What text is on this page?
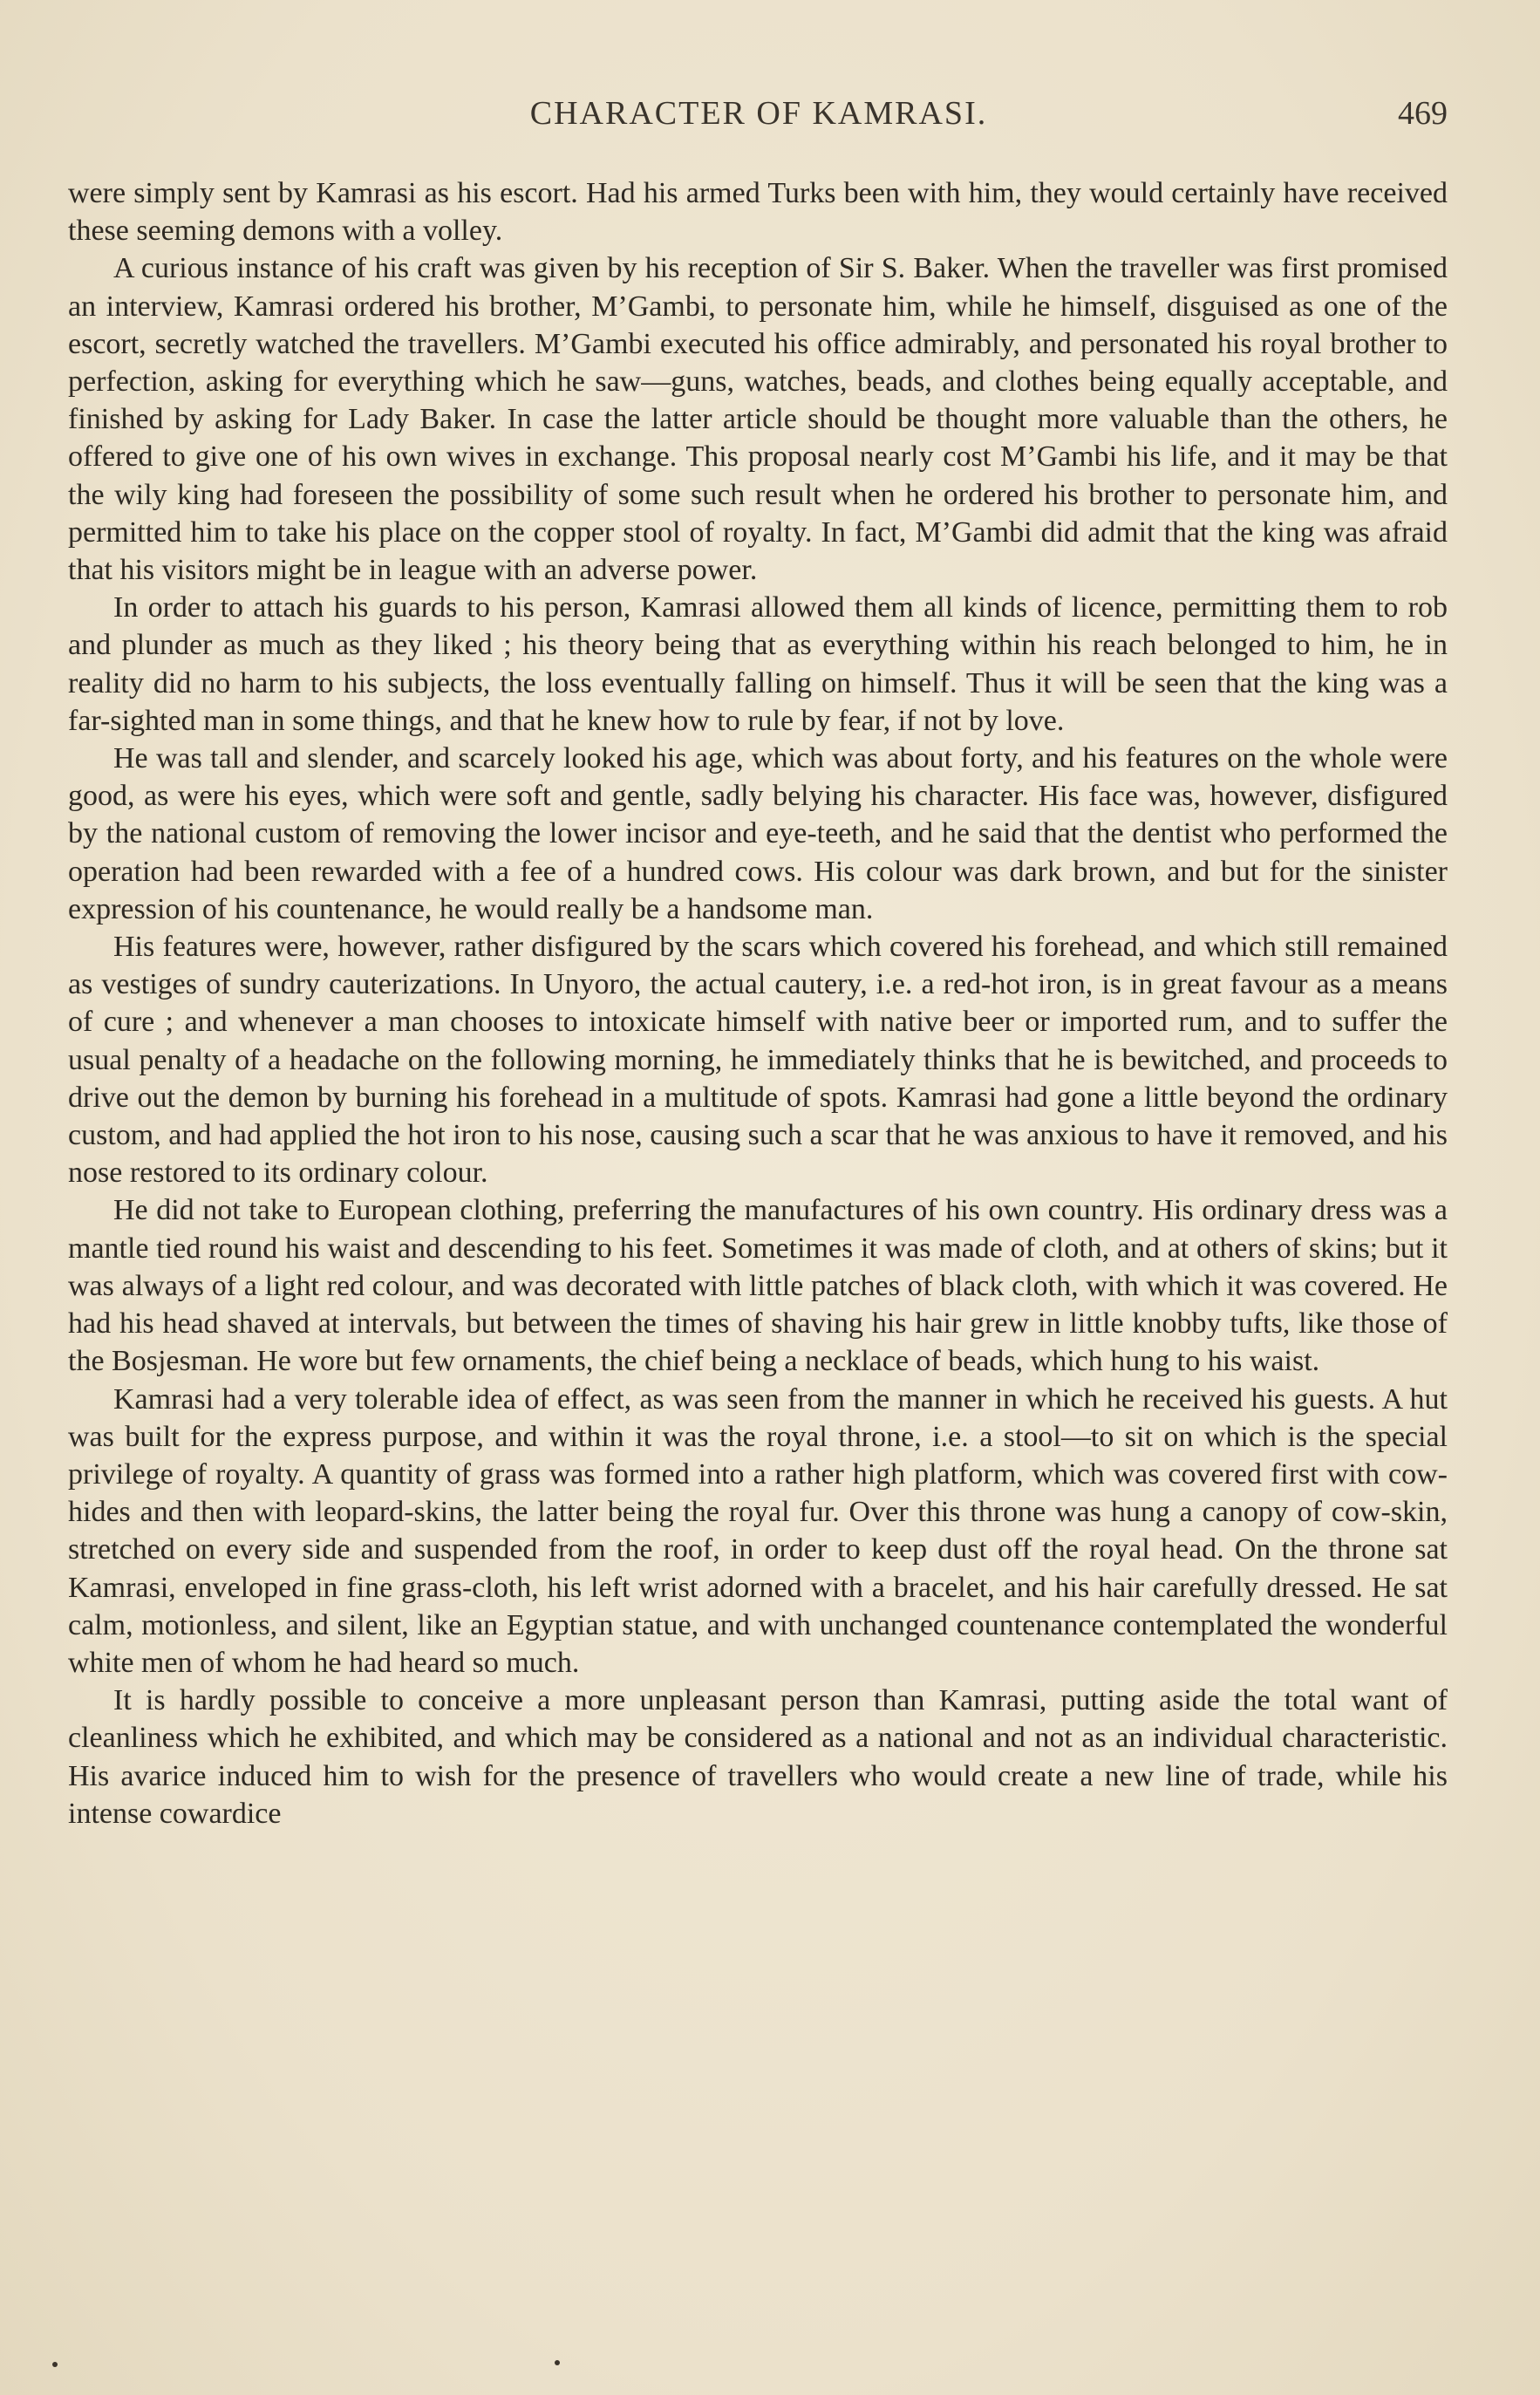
CHARACTER OF KAMRASI.	469

were simply sent by Kamrasi as his escort. Had his armed Turks been with him, they would certainly have received these seeming demons with a volley.

A curious instance of his craft was given by his reception of Sir S. Baker. When the traveller was first promised an interview, Kamrasi ordered his brother, M’Gambi, to personate him, while he himself, disguised as one of the escort, secretly watched the travellers. M’Gambi executed his office admirably, and personated his royal brother to perfection, asking for everything which he saw—guns, watches, beads, and clothes being equally acceptable, and finished by asking for Lady Baker. In case the latter article should be thought more valuable than the others, he offered to give one of his own wives in exchange. This proposal nearly cost M’Gambi his life, and it may be that the wily king had foreseen the possibility of some such result when he ordered his brother to personate him, and permitted him to take his place on the copper stool of royalty. In fact, M’Gambi did admit that the king was afraid that his visitors might be in league with an adverse power.

In order to attach his guards to his person, Kamrasi allowed them all kinds of licence, permitting them to rob and plunder as much as they liked ; his theory being that as everything within his reach belonged to him, he in reality did no harm to his subjects, the loss eventually falling on himself. Thus it will be seen that the king was a far-sighted man in some things, and that he knew how to rule by fear, if not by love.

He was tall and slender, and scarcely looked his age, which was about forty, and his features on the whole were good, as were his eyes, which were soft and gentle, sadly belying his character. His face was, however, disfigured by the national custom of removing the lower incisor and eye-teeth, and he said that the dentist who performed the operation had been rewarded with a fee of a hundred cows. His colour was dark brown, and but for the sinister expression of his countenance, he would really be a handsome man.

His features were, however, rather disfigured by the scars which covered his forehead, and which still remained as vestiges of sundry cauterizations. In Unyoro, the actual cautery, i.e. a red-hot iron, is in great favour as a means of cure ; and whenever a man chooses to intoxicate himself with native beer or imported rum, and to suffer the usual penalty of a headache on the following morning, he immediately thinks that he is bewitched, and proceeds to drive out the demon by burning his forehead in a multitude of spots. Kamrasi had gone a little beyond the ordinary custom, and had applied the hot iron to his nose, causing such a scar that he was anxious to have it removed, and his nose restored to its ordinary colour.

He did not take to European clothing, preferring the manufactures of his own country. His ordinary dress was a mantle tied round his waist and descending to his feet. Sometimes it was made of cloth, and at others of skins; but it was always of a light red colour, and was decorated with little patches of black cloth, with which it was covered. He had his head shaved at intervals, but between the times of shaving his hair grew in little knobby tufts, like those of the Bosjesman. He wore but few ornaments, the chief being a necklace of beads, which hung to his waist.

Kamrasi had a very tolerable idea of effect, as was seen from the manner in which he received his guests. A hut was built for the express purpose, and within it was the royal throne, i.e. a stool—to sit on which is the special privilege of royalty. A quantity of grass was formed into a rather high platform, which was covered first with cow-hides and then with leopard-skins, the latter being the royal fur. Over this throne was hung a canopy of cow-skin, stretched on every side and suspended from the roof, in order to keep dust off the royal head. On the throne sat Kamrasi, enveloped in fine grass-cloth, his left wrist adorned with a bracelet, and his hair carefully dressed. He sat calm, motionless, and silent, like an Egyptian statue, and with unchanged countenance contemplated the wonderful white men of whom he had heard so much.

It is hardly possible to conceive a more unpleasant person than Kamrasi, putting aside the total want of cleanliness which he exhibited, and which may be considered as a national and not as an individual characteristic. His avarice induced him to wish for the presence of travellers who would create a new line of trade, while his intense cowardice
